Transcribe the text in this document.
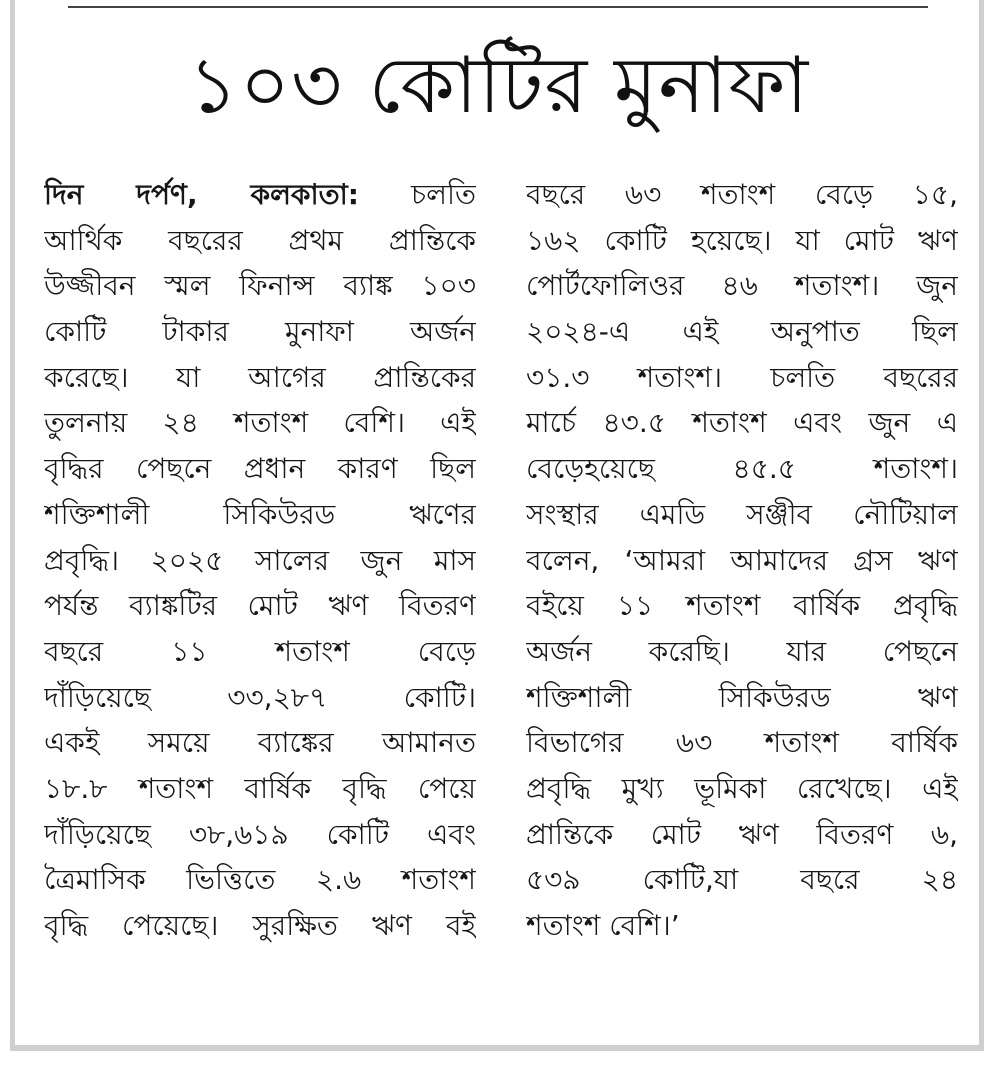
১০৩ কোটির মুনাফা
দিন দর্পণ, কলকাতা: চলতি
আর্থিক বছরের প্রথম প্রান্তিকে
উজ্জীবন স্মল ফিনান্স ব্যাঙ্ক ১০৩
কোটি টাকার মুনাফা অর্জন
করেছে। যা আগের প্রান্তিকের
তুলনায় ২৪ শতাংশ বেশি। এই
বৃদ্ধির পেছনে প্রধান কারণ ছিল
শক্তিশালী সিকিউরড ঋণের
প্রবৃদ্ধি। ২০২৫ সালের জুন মাস
পর্যন্ত ব্যাঙ্কটির মোট ঋণ বিতরণ
বছরে ১১ শতাংশ বেড়ে
দাঁড়িয়েছে ৩৩,২৮৭ কোটি।
একই সময়ে ব্যাঙ্কের আমানত
১৮.৮ শতাংশ বার্ষিক বৃদ্ধি পেয়ে
দাঁড়িয়েছে ৩৮,৬১৯ কোটি এবং
ত্রৈমাসিক ভিত্তিতে ২.৬ শতাংশ
বৃদ্ধি পেয়েছে। সুরক্ষিত ঋণ বই
বছরে ৬৩ শতাংশ বেড়ে ১৫,
১৬২ কোটি হয়েছে। যা মোট ঋণ
পোর্টফোলিওর ৪৬ শতাংশ। জুন
২০২৪-এ এই অনুপাত ছিল
৩১.৩ শতাংশ। চলতি বছরের
মার্চে ৪৩.৫ শতাংশ এবং জুন এ
বেড়েহয়েছে ৪৫.৫ শতাংশ।
সংস্থার এমডি সঞ্জীব নৌটিয়াল
বলেন, ‘আমরা আমাদের গ্রস ঋণ
বইয়ে ১১ শতাংশ বার্ষিক প্রবৃদ্ধি
অর্জন করেছি। যার পেছনে
শক্তিশালী সিকিউরড ঋণ
বিভাগের ৬৩ শতাংশ বার্ষিক
প্রবৃদ্ধি মুখ্য ভূমিকা রেখেছে। এই
প্রান্তিকে মোট ঋণ বিতরণ ৬,
৫৩৯ কোটি,যা বছরে ২৪
শতাংশ বেশি।’
